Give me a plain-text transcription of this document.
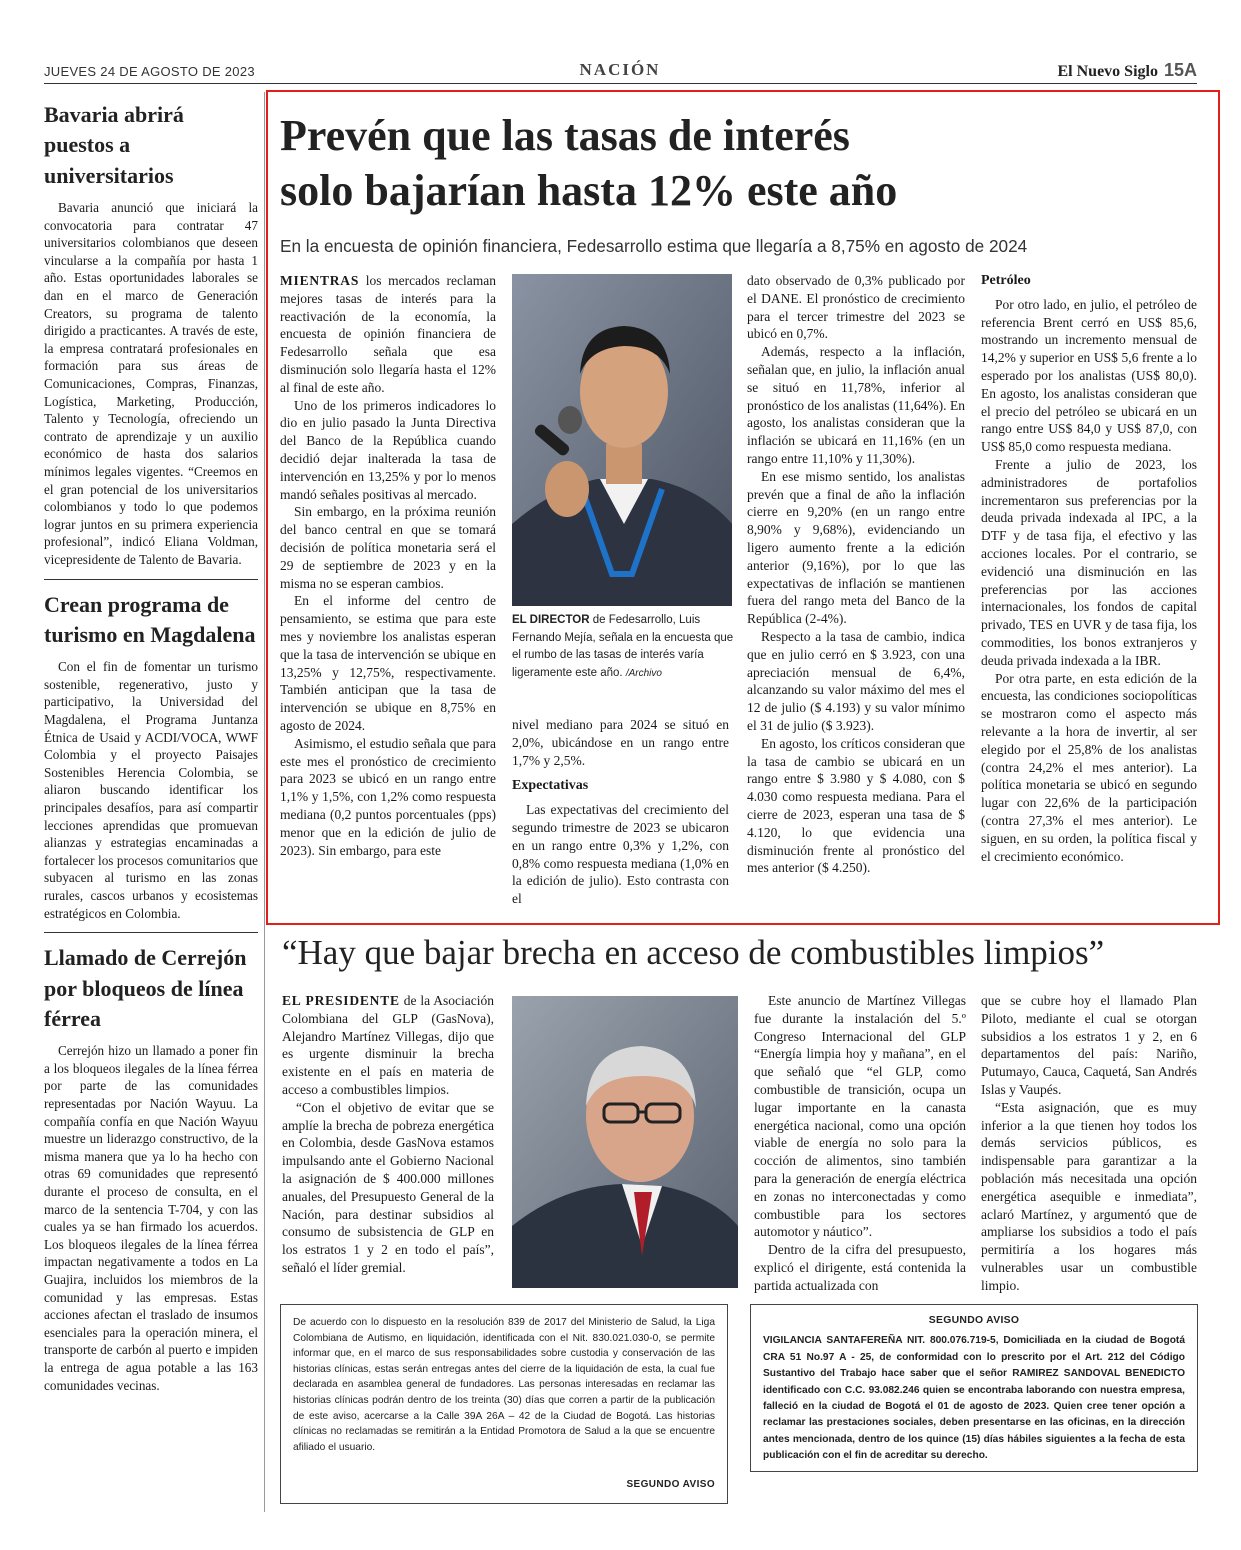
JUEVES 24 DE AGOSTO DE 2023	NACIÓN	El Nuevo Siglo 15A
Bavaria abrirá puestos a universitarios

Bavaria anunció que iniciará la convocatoria para contratar 47 universitarios colombianos que deseen vincularse a la compañía por hasta 1 año. Estas oportunidades laborales se dan en el marco de Generación Creators, su programa de talento dirigido a practicantes. A través de este, la empresa contratará profesionales en formación para sus áreas de Comunicaciones, Compras, Finanzas, Logística, Marketing, Producción, Talento y Tecnología, ofreciendo un contrato de aprendizaje y un auxilio económico de hasta dos salarios mínimos legales vigentes. “Creemos en el gran potencial de los universitarios colombianos y todo lo que podemos lograr juntos en su primera experiencia profesional”, indicó Eliana Voldman, vicepresidente de Talento de Bavaria.

Crean programa de turismo en Magdalena

Con el fin de fomentar un turismo sostenible, regenerativo, justo y participativo, la Universidad del Magdalena, el Programa Juntanza Étnica de Usaid y ACDI/VOCA, WWF Colombia y el proyecto Paisajes Sostenibles Herencia Colombia, se aliaron buscando identificar los principales desafíos, para así compartir lecciones aprendidas que promuevan alianzas y estrategias encaminadas a fortalecer los procesos comunitarios que subyacen al turismo en las zonas rurales, cascos urbanos y ecosistemas estratégicos en Colombia.

Llamado de Cerrejón por bloqueos de línea férrea

Cerrejón hizo un llamado a poner fin a los bloqueos ilegales de la línea férrea por parte de las comunidades representadas por Nación Wayuu. La compañía confía en que Nación Wayuu muestre un liderazgo constructivo, de la misma manera que ya lo ha hecho con otras 69 comunidades que representó durante el proceso de consulta, en el marco de la sentencia T-704, y con las cuales ya se han firmado los acuerdos. Los bloqueos ilegales de la línea férrea impactan negativamente a todos en La Guajira, incluidos los miembros de la comunidad y las empresas. Estas acciones afectan el traslado de insumos esenciales para la operación minera, el transporte de carbón al puerto e impiden la entrega de agua potable a las 163 comunidades vecinas.

Prevén que las tasas de interés
solo bajarían hasta 12% este año
En la encuesta de opinión financiera, Fedesarrollo estima que llegaría a 8,75% en agosto de 2024

MIENTRAS los mercados reclaman mejores tasas de interés para la reactivación de la economía, la encuesta de opinión financiera de Fedesarrollo señala que esa disminución solo llegaría hasta el 12% al final de este año.

Uno de los primeros indicadores lo dio en julio pasado la Junta Directiva del Banco de la República cuando decidió dejar inalterada la tasa de intervención en 13,25% y por lo menos mandó señales positivas al mercado.

Sin embargo, en la próxima reunión del banco central en que se tomará decisión de política monetaria será el 29 de septiembre de 2023 y en la misma no se esperan cambios.

En el informe del centro de pensamiento, se estima que para este mes y noviembre los analistas esperan que la tasa de intervención se ubique en 13,25% y 12,75%, respectivamente. También anticipan que la tasa de intervención se ubique en 8,75% en agosto de 2024.

Asimismo, el estudio señala que para este mes el pronóstico de crecimiento para 2023 se ubicó en un rango entre 1,1% y 1,5%, con 1,2% como respuesta mediana (0,2 puntos porcentuales (pps) menor que en la edición de julio de 2023). Sin embargo, para este

EL DIRECTOR de Fedesarrollo, Luis Fernando Mejía, señala en la encuesta que el rumbo de las tasas de interés varía ligeramente este año. /Archivo

nivel mediano para 2024 se situó en 2,0%, ubicándose en un rango entre 1,7% y 2,5%.

Expectativas

Las expectativas del crecimiento del segundo trimestre de 2023 se ubicaron en un rango entre 0,3% y 1,2%, con 0,8% como respuesta mediana (1,0% en la edición de julio). Esto contrasta con el

dato observado de 0,3% publicado por el DANE. El pronóstico de crecimiento para el tercer trimestre del 2023 se ubicó en 0,7%.

Además, respecto a la inflación, señalan que, en julio, la inflación anual se situó en 11,78%, inferior al pronóstico de los analistas (11,64%). En agosto, los analistas consideran que la inflación se ubicará en 11,16% (en un rango entre 11,10% y 11,30%).

En ese mismo sentido, los analistas prevén que a final de año la inflación cierre en 9,20% (en un rango entre 8,90% y 9,68%), evidenciando un ligero aumento frente a la edición anterior (9,16%), por lo que las expectativas de inflación se mantienen fuera del rango meta del Banco de la República (2-4%).

Respecto a la tasa de cambio, indica que en julio cerró en $ 3.923, con una apreciación mensual de 6,4%, alcanzando su valor máximo del mes el 12 de julio ($ 4.193) y su valor mínimo el 31 de julio ($ 3.923).

En agosto, los críticos consideran que la tasa de cambio se ubicará en un rango entre $ 3.980 y $ 4.080, con $ 4.030 como respuesta mediana. Para el cierre de 2023, esperan una tasa de $ 4.120, lo que evidencia una disminución frente al pronóstico del mes anterior ($ 4.250).

Petróleo

Por otro lado, en julio, el petróleo de referencia Brent cerró en US$ 85,6, mostrando un incremento mensual de 14,2% y superior en US$ 5,6 frente a lo esperado por los analistas (US$ 80,0). En agosto, los analistas consideran que el precio del petróleo se ubicará en un rango entre US$ 84,0 y US$ 87,0, con US$ 85,0 como respuesta mediana.

Frente a julio de 2023, los administradores de portafolios incrementaron sus preferencias por la deuda privada indexada al IPC, a la DTF y de tasa fija, el efectivo y las acciones locales. Por el contrario, se evidenció una disminución en las preferencias por las acciones internacionales, los fondos de capital privado, TES en UVR y de tasa fija, los commodities, los bonos extranjeros y deuda privada indexada a la IBR.

Por otra parte, en esta edición de la encuesta, las condiciones sociopolíticas se mostraron como el aspecto más relevante a la hora de invertir, al ser elegido por el 25,8% de los analistas (contra 24,2% el mes anterior). La política monetaria se ubicó en segundo lugar con 22,6% de la participación (contra 27,3% el mes anterior). Le siguen, en su orden, la política fiscal y el crecimiento económico.

“Hay que bajar brecha en acceso de combustibles limpios”

EL PRESIDENTE de la Asociación Colombiana del GLP (GasNova), Alejandro Martínez Villegas, dijo que es urgente disminuir la brecha existente en el país en materia de acceso a combustibles limpios.

“Con el objetivo de evitar que se amplíe la brecha de pobreza energética en Colombia, desde GasNova estamos impulsando ante el Gobierno Nacional la asignación de $ 400.000 millones anuales, del Presupuesto General de la Nación, para destinar subsidios al consumo de subsistencia de GLP en los estratos 1 y 2 en todo el país”, señaló el líder gremial.

Este anuncio de Martínez Villegas fue durante la instalación del 5.º Congreso Internacional del GLP “Energía limpia hoy y mañana”, en el que señaló que “el GLP, como combustible de transición, ocupa un lugar importante en la canasta energética nacional, como una opción viable de energía no solo para la cocción de alimentos, sino también para la generación de energía eléctrica en zonas no interconectadas y como combustible para los sectores automotor y náutico”.

Dentro de la cifra del presupuesto, explicó el dirigente, está contenida la partida actualizada con

que se cubre hoy el llamado Plan Piloto, mediante el cual se otorgan subsidios a los estratos 1 y 2, en 6 departamentos del país: Nariño, Putumayo, Cauca, Caquetá, San Andrés Islas y Vaupés.

“Esta asignación, que es muy inferior a la que tienen hoy todos los demás servicios públicos, es indispensable para garantizar a la población más necesitada una opción energética asequible e inmediata”, aclaró Martínez, y argumentó que de ampliarse los subsidios a todo el país permitiría a los hogares más vulnerables usar un combustible limpio.

De acuerdo con lo dispuesto en la resolución 839 de 2017 del Ministerio de Salud, la Liga Colombiana de Autismo, en liquidación, identificada con el Nit. 830.021.030-0, se permite informar que, en el marco de sus responsabilidades sobre custodia y conservación de las historias clínicas, estas serán entregas antes del cierre de la liquidación de esta, la cual fue declarada en asamblea general de fundadores. Las personas interesadas en reclamar las historias clínicas podrán dentro de los treinta (30) días que corren a partir de la publicación de este aviso, acercarse a la Calle 39A 26A – 42 de la Ciudad de Bogotá. Las historias clínicas no reclamadas se remitirán a la Entidad Promotora de Salud a la que se encuentre afiliado el usuario.
SEGUNDO AVISO
SEGUNDO AVISO
VIGILANCIA SANTAFEREÑA NIT. 800.076.719-5, Domiciliada en la ciudad de Bogotá CRA 51 No.97 A - 25, de conformidad con lo prescrito por el Art. 212 del Código Sustantivo del Trabajo hace saber que el señor RAMIREZ SANDOVAL BENEDICTO identificado con C.C. 93.082.246 quien se encontraba laborando con nuestra empresa, falleció en la ciudad de Bogotá el 01 de agosto de 2023. Quien cree tener opción a reclamar las prestaciones sociales, deben presentarse en las oficinas, en la dirección antes mencionada, dentro de los quince (15) días hábiles siguientes a la fecha de esta publicación con el fin de acreditar su derecho.
